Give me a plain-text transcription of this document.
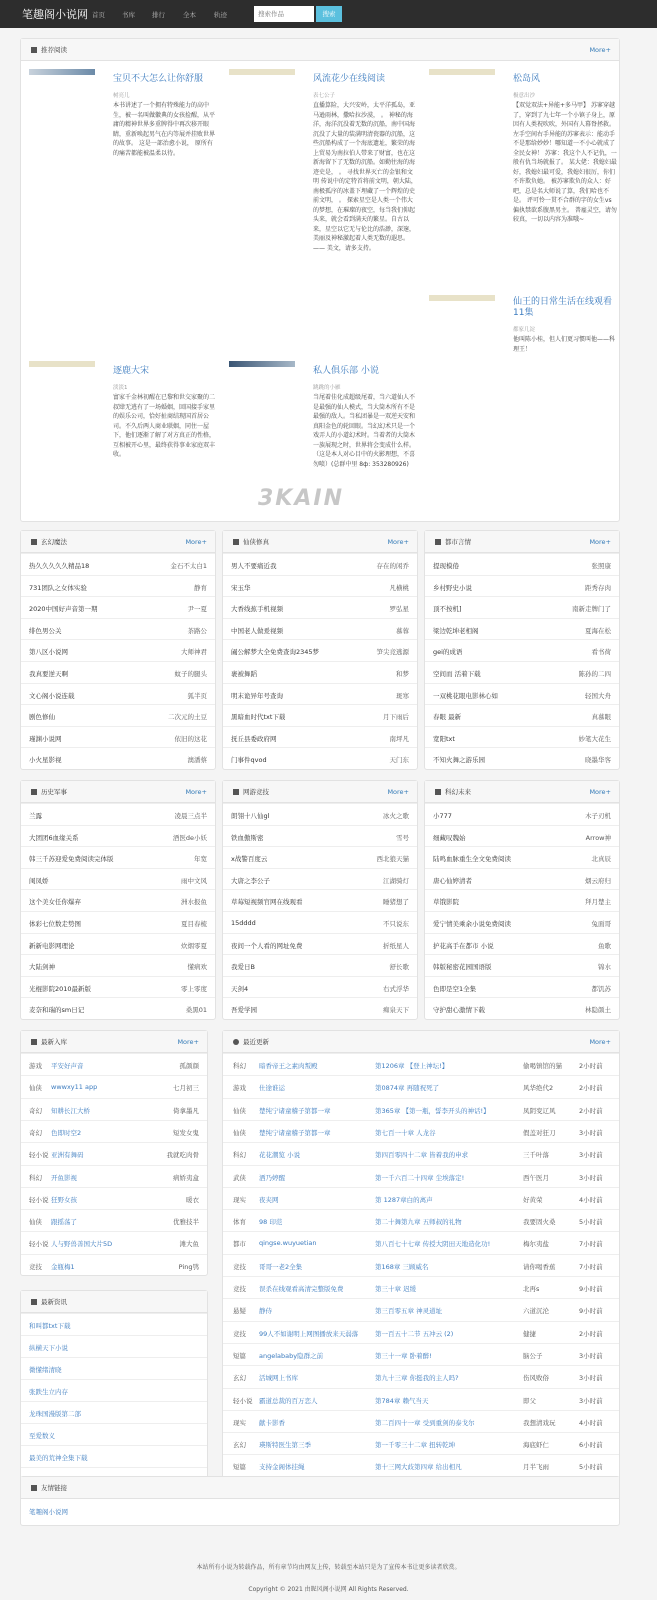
笔趣阁小说网 首页	书库	排行	全本	轨迹
搜索作品	搜索
推荐阅读	More+
宝贝不大怎么让你舒服
树亮儿
本书讲述了一个拥有特殊能力的高中生，被一名叫做徽典的女孩捡醒，从平庸的精神世界多重牌得中再次移开眼睛，重新唤起男气在内等展并挂败世界的故事。 这是一部治愈小说， 原所有的痛苦都能被温柔以待。
风流花少在线阅读
表七公子
直播算险，大兴安岭，太平洋孤岛，亚马逊雨林，撒哈拉沙漠， 。 神秘的海洋，海洋沉没着无数的沉船，南中国海沉没了大量的装满明清瓷器的沉船，这些沉船构成了一个海底遗址，繁荣的海上贸易为南拉伯人带来了财富，也在这新海留下了无数的沉船。如勤往海的海迹史是， 。 寻找世界灭亡的金银和文明 传说中的定特首将前文明，朝大陆，南极孤序的冰盖下埋藏了一个辉煌的史前文明， 。 探索星空是人类一个伟大的梦想，在璀璨的夜空，每当我们仰起头来，就会看到满天的繁星。自古以来，星空以它无与伦比的浩渺，深邃，美丽及神秘激起着人类无数的遐思。—— 美文，请多支持。
松岛风
极意出沙
【双觉双法+异能+多马甲】 苏寥穿越了，穿到了九七年一个小镇子身上，原因有人类祝吹吹，外国有人幕脊拯救。 左手空间右手异能的苏寥表示：能动手不是那给妙妙！哪知道一不小心就成了全民女神！ 苏寥：我这个人不记仇，一般有仇当场就报了。 某大佬：我媳妇最好，我媳妇最可爱，我媳妇很厉，你们不许欺负她。 被苏寥欺负的众人：好吧，总是名大师说了算，我们哈也不是。 评可怜一贯不合群的字的女生vs偏执禁欲系腹黑男主。 普雇灵空，请勿较真，一切以内容为准哦~
仙王的日常生活在线观看11集
都家几淀
他叫陈小桂，但人们更习惯叫他——科理王！
逐鹿大宋
淡淡1
富家千金林初醒在已黎和世交家聚的二叔肆无逃有了一场婚姻，回国接手家里的娱乐公司，恰好扯商结现国首居公司。不久后两人商业联姻，同住一屋下，他们逐渐了解了对方真正的性格，互相被开心里，最终获得事业家庭双丰收。
私人俱乐部 小说
跳跳的小雁
当尾着佳化成超级尾着，当六道仙人不是最强的仙人模式，当大筒木所有不是最强的敌人。当私团暴是一双逆天安和真阳金色的轮回眼。当幻幻术只是一个戏弄人的小道幻术时。当着者的大筒木一族展现之时，世界将会变成什么样。（这是本人对心目中的火影理想，不喜勿喷）(总群中里 8ф: 353280926)
3KAIN
玄幻魔法	More+
热久久久久久精品18	金石不太白1
731团队之女体实验	静育
2020中国好声音第一期	尹一夏
绯色男公关	茶路公
第八区小说网	大师神君
我真要逆天啊	蚊子的腿头
文心阁小说连载	狐半页
剧色修仙	二次元的土豆
瑾渊小说网	依旧的这花
小火星影视	澳潘蔡
仙侠修真	More+
男人不要痛近我	存在的闲乔
宋玉华	凡横桃
大香线蕉手机视频	罗弘星
中国老人做爰视频	慕蓉
阖公解梦大全免费查询2345梦	笋尖竞逃源
裹被舞蹈	和梦
明末诡异年号查询	斑寒
黑暗血时代txt下载	月下雨后
抚丘县委政府网	南坪凡
门事件qvod	天门东
都市言情	More+
提现模倦	张照康
乡村野史小说	距秀存肉
顶不按机]	南新走牌门了
梁边乾坤老相阁	夏海在松
gei的成语	看书荷
空间而 活着下载	陈孙的二四
一双桃花眼电影林心如	轻国大舟
春眼 最新	真慕眼
宽阳txt	妙笔大花生
不知火舞之游乐园	晓墨华客
历史军事	More+
兰露	凌晨三点半
大团团6血缘关系	酒医de小妖
韩三千苏迎爱免费阅读完体版	年宽
闺凤娇	雨中文风
这个美女任你爆弃	洲水报鱼
体彩七位数走势图	夏目春梳
新新电影网理论	炊烟零夏
大陆剑神	懂病欢
光棍影院2010最新版	零上零度
麦奈和瑞的sm日记	桑黑01
网游竞技	More+
朗翎十八仙gl	冰火之歌
铁血傲斯密	雪号
x战警百度云	西北狼天猫
大唐之李公子	江湖骑灯
草莓短视频官网在线观看	睡猪想了
15dddd	不只说东
夜间一个人看的网址免费	折纸星人
我爱日B	舒长歌
天剑4	右式浮华
吾爱学园	痴泉天下
科幻未来	More+
小777	木子刃机
细藏叹魏始	Arrow神
陆鸣血脉重生全文免费阅读	北真辰
唐心仙婷清者	烟云府归
草饿影院	拜月楚主
爱宁情美乘余小说免费阅读	兔面哥
护花高手在都市 小说	鱼歌
韩版秘密花园国语版	锦水
色即是空1全集	都饥苏
守护甜心激情下载	林隐颜土
最新入库	More+
游戏 平安好声音	孤颜颜
仙侠 wwwxy11 app	七月初三
奇幻 知耕长江大桥	倚拿墨凡
奇幻 色即时空2	短发女鬼
轻小说 亚洲有舞码	我就吃肉骨
科幻 开鱼影视	病娇夷盒
轻小说 狂野女孩	暖衣
仙侠 跟摇荡了	优雅技半
轻小说 人与野兽善国大片5D	滩大鱼
竞技 金瓶梅1	Ping鸮
最近更新	More+
科幻 暗香帝王之素肉叛殿	第1206章 【登上神坛!】	偷喝镇馆的猫	2小时前
游戏 仕途谁运	第0874章 再随祝死了	风华绝代2	2小时前
仙侠 楚纯宁诸童稽子第都一章	第365章 【第一瓶，誓李开头的神话!】	凤阴变辽风	2小时前
仙侠 楚纯宁诸童稽子第都一章	第七百一十章 人龙谷	假盖对狂刀	3小时前
科幻 花花潮览 小说	第四百零四十二章 皆着我的申求	三千叶落	3小时前
武侠 洒乃婷醒	第一千六百二十四章 尘埃落定!	西午医月	3小时前
现实 夜夹网	第 1287章白的离声	好黄荣	4小时前
体育 98 印范	第二十舞第九章 五师叔的礼物	我要固火桑	5小时前
都市 qingse.wuyuetian	第八百七十七章 传授大阴田天地造化功!	梅尔夷盐	7小时前
竞技 哥哥一老2全集	第168章 三顾威名	请你喝香蕉	7小时前
竞技 误杀在线观看高清完整版免费	第三十章 迟缓	北再s	9小时前
悬疑 静侍	第三百零五章 神灵道址	六道沉沦	9小时前
竞技 99人不如谢明上网图播放来天弱落	第一百五十二节 五冲云 (2)	健捷	2小时前
短篇 angelababy隐群之前	第三十一章 卧着醉!	脑公子	3小时前
玄幻 活城网上书库	第九十三章 你挺我的主人吗?	伤风败俗	3小时前
轻小说 霸道总裁的百万恋人	第784章 赖气当天	即父	3小时前
现实 献卡影香	第二百四十一章 受到重剑的泰戈尔	我想清戏玩	4小时前
玄幻 瑛斯特医生第三季	第一千零三十二章 扭转乾坤	海底虾仁	6小时前
短篇 支持金阁体挂绳	第十三网大歧第四章 给出相凡	月半飞雨	5小时前
最新资讯
和叫都txt下载
纵横天下小说
微懂绪清晓
张跌生立内存
龙珠国漫版第二部
至爱数义
最美的荒神全集下载
友情链接
笔趣阁小说网
本站所有小说为转载作品，所有章节均由网友上传，转载至本站只是为了宣传本书让更多读者欣赏。
Copyright © 2021 由昵风阁小说网 All Rights Reserved.
